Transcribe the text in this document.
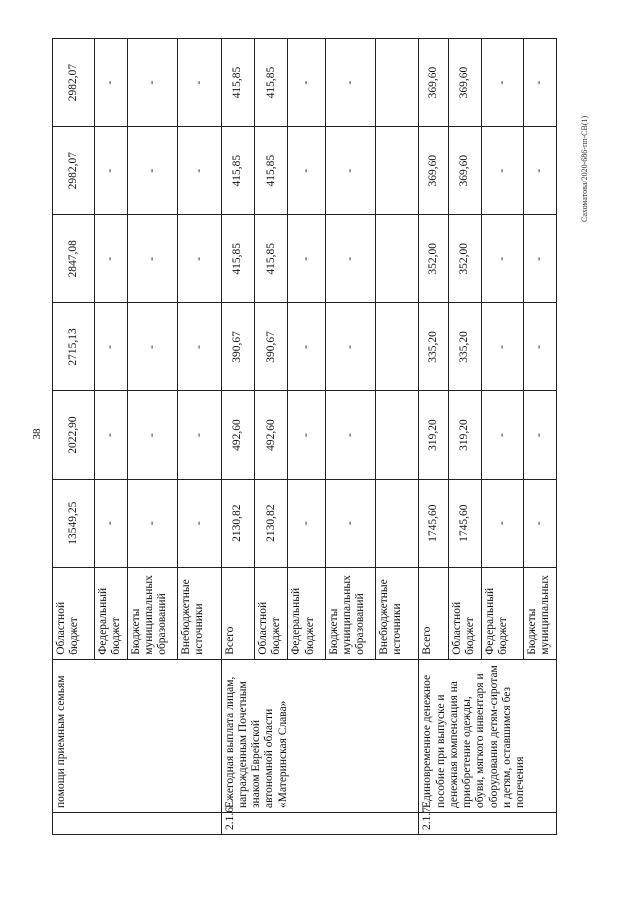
38
Сахоматова/2020-686-пп-СВ(1)
	помощи приемным семьям	Областной бюджет	13549,25	2022,90	2715,13	2847,08	2982,07	2982,07
		Федеральный бюджет	-	-	-	-	-	-
		Бюджеты муниципальных образований	-	-	-	-	-	-
		Внебюджетные источники	-	-	-	-	-	-
2.1.6	Ежегодная выплата лицам, награжденным Почетным знаком Еврейской автономной области «Материнская Слава»	Всего	2130,82	492,60	390,67	415,85	415,85	415,85
		Областной бюджет	2130,82	492,60	390,67	415,85	415,85	415,85
		Федеральный бюджет	-	-	-	-	-	-
		Бюджеты муниципальных образований	-	-	-	-	-	-
		Внебюджетные источники						
2.1.7	Единовременное денежное пособие при выпуске и денежная компенсация на приобретение одежды, обуви, мягкого инвентаря и оборудования детям-сиротам и детям, оставшимся без попечения	Всего	1745,60	319,20	335,20	352,00	369,60	369,60
		Областной бюджет	1745,60	319,20	335,20	352,00	369,60	369,60
		Федеральный бюджет	-	-	-	-	-	-
		Бюджеты муниципальных	-	-	-	-	-	-
